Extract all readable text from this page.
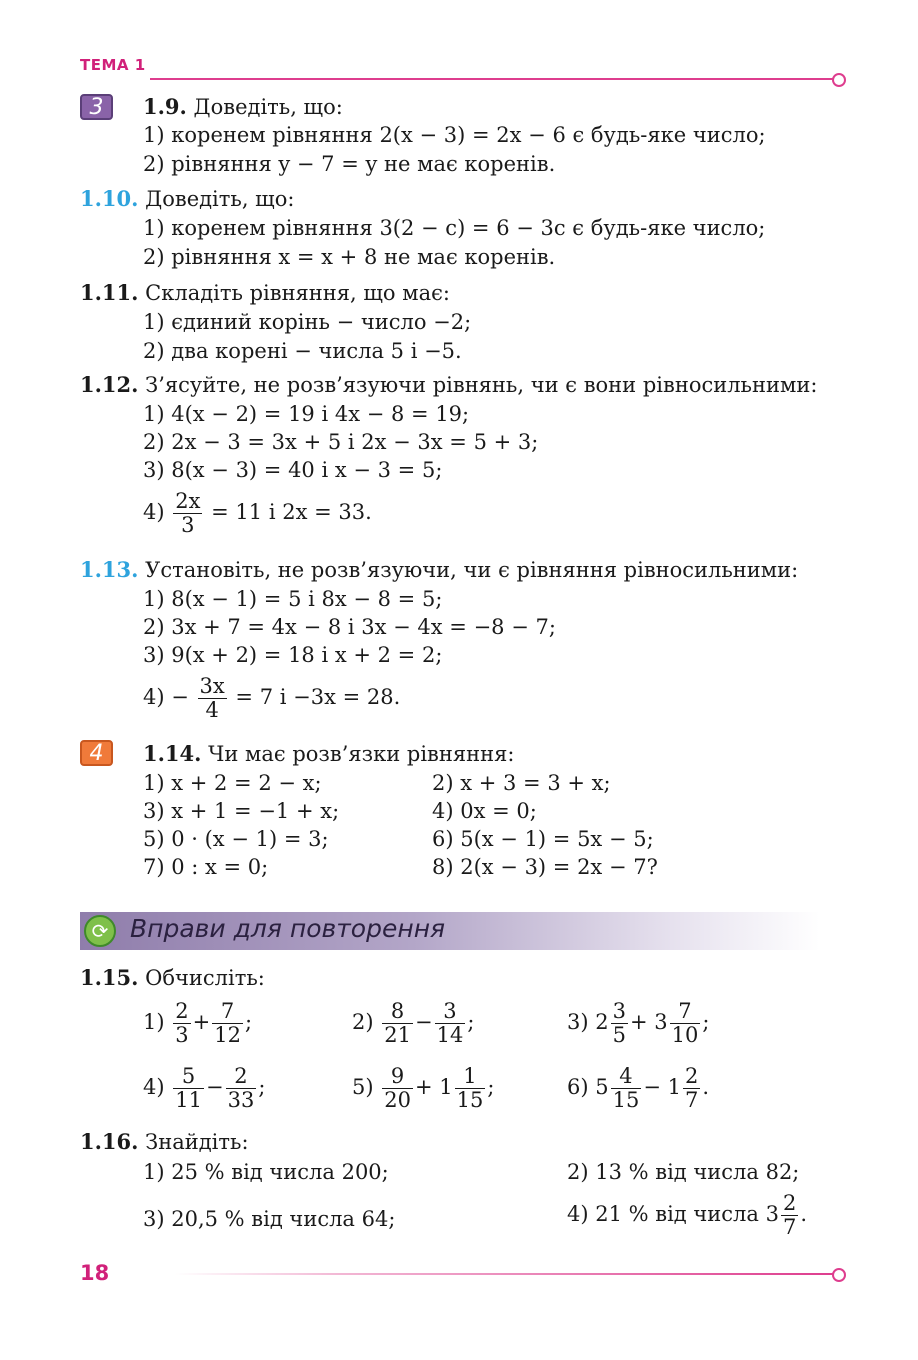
ТЕМА 1
3	1.9. Доведіть, що:
1) коренем рівняння 2(x − 3) = 2x − 6 є будь-яке число;
2) рівняння y − 7 = y не має коренів.
1.10. Доведіть, що:
1) коренем рівняння 3(2 − c) = 6 − 3c є будь-яке число;
2) рівняння x = x + 8 не має коренів.
1.11. Складіть рівняння, що має:
1) єдиний корінь − число −2;
2) два корені − числа 5 і −5.
1.12. З’ясуйте, не розв’язуючи рівнянь, чи є вони рівносильними:
1) 4(x − 2) = 19 і 4x − 8 = 19;
2) 2x − 3 = 3x + 5 і 2x − 3x = 5 + 3;
3) 8(x − 3) = 40 і x − 3 = 5;
$4) \frac{2x}{3} = 11$ і 2x = 33.
1.13. Установіть, не розв’язуючи, чи є рівняння рівносильними:
1) 8(x − 1) = 5 і 8x − 8 = 5;
2) 3x + 7 = 4x − 8 і 3x − 4x = −8 − 7;
3) 9(x + 2) = 18 і x + 2 = 2;
$4) - \frac{3x}{4} = 7$ і −3x = 28.
4	1.14. Чи має розв’язки рівняння:
1) x + 2 = 2 − x;	2) x + 3 = 3 + x;
3) x + 1 = −1 + x;	4) 0x = 0;
5) 0 · (x − 1) = 3;	6) 5(x − 1) = 5x − 5;
7) 0 : x = 0;	8) 2(x − 3) = 2x − 7?
⟳ Вправи для повторення
1.15. Обчисліть:
$1) \frac{2}{3} + \frac{7}{12}$ ;	$2) \frac{8}{21} - \frac{3}{14}$ ;	3) $2 \frac{3}{5} + 3 \frac{7}{10}$ ;
$4) \frac{5}{11} - \frac{2}{33}$ ;	$5) \frac{9}{20} + 1 \frac{1}{15}$ ;	6) $5 \frac{4}{15} - 1 \frac{2}{7}$ .
1.16. Знайдіть:
1) 25 % від числа 200;	2) 13 % від числа 82;
3) 20,5 % від числа 64;	4) 21 % від числа $3 \frac{2}{7}$ .
18
